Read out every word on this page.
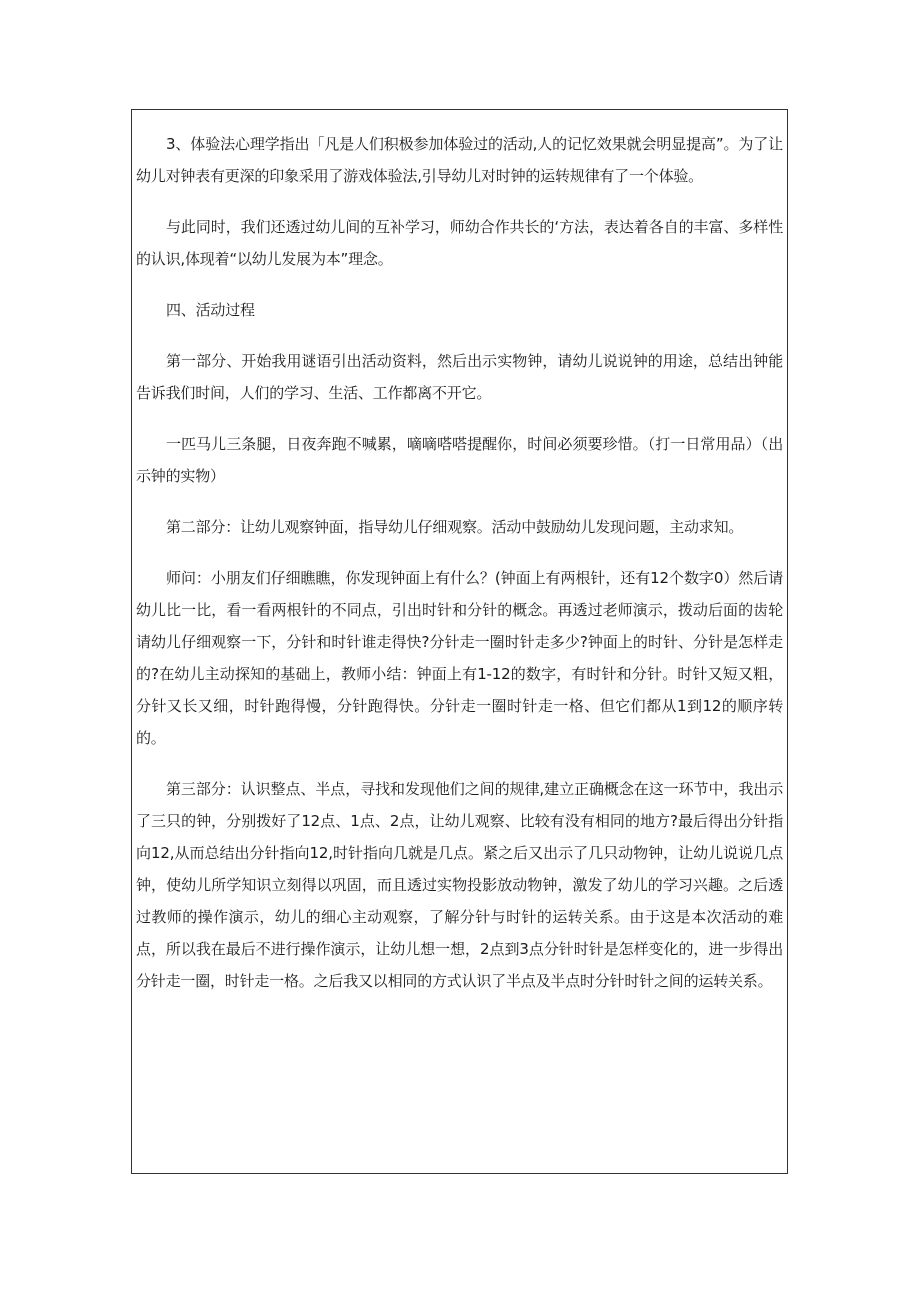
3、体验法心理学指出「凡是人们积极参加体验过的活动,人的记忆效果就会明显提高”。为了让幼儿对钟表有更深的印象采用了游戏体验法,引导幼儿对时钟的运转规律有了一个体验。

与此同时，我们还透过幼儿间的互补学习，师幼合作共长的‘方法，表达着各自的丰富、多样性的认识,体现着“以幼儿发展为本”理念。

四、活动过程

第一部分、开始我用谜语引出活动资料，然后出示实物钟，请幼儿说说钟的用途，总结出钟能告诉我们时间，人们的学习、生活、工作都离不开它。

一匹马儿三条腿，日夜奔跑不喊累，嘀嘀嗒嗒提醒你，时间必须要珍惜。（打一日常用品）（出示钟的实物）

第二部分：让幼儿观察钟面，指导幼儿仔细观察。活动中鼓励幼儿发现问题，主动求知。

师问：小朋友们仔细瞧瞧，你发现钟面上有什么？(钟面上有两根针，还有12个数字0）然后请幼儿比一比，看一看两根针的不同点，引出时针和分针的概念。再透过老师演示，拨动后面的齿轮请幼儿仔细观察一下，分针和时针谁走得快?分针走一圈时针走多少?钟面上的时针、分针是怎样走的?在幼儿主动探知的基础上，教师小结：钟面上有1-12的数字，有时针和分针。时针又短又粗，分针又长又细，时针跑得慢，分针跑得快。分针走一圈时针走一格、但它们都从1到12的顺序转的。

第三部分：认识整点、半点，寻找和发现他们之间的规律,建立正确概念在这一环节中，我出示了三只的钟，分别拨好了12点、1点、2点，让幼儿观察、比较有没有相同的地方?最后得出分针指向12,从而总结出分针指向12,时针指向几就是几点。紧之后又出示了几只动物钟，让幼儿说说几点钟，使幼儿所学知识立刻得以巩固，而且透过实物投影放动物钟，激发了幼儿的学习兴趣。之后透过教师的操作演示，幼儿的细心主动观察，了解分针与时针的运转关系。由于这是本次活动的难点，所以我在最后不进行操作演示，让幼儿想一想，2点到3点分针时针是怎样变化的，进一步得出分针走一圈，时针走一格。之后我又以相同的方式认识了半点及半点时分针时针之间的运转关系。
